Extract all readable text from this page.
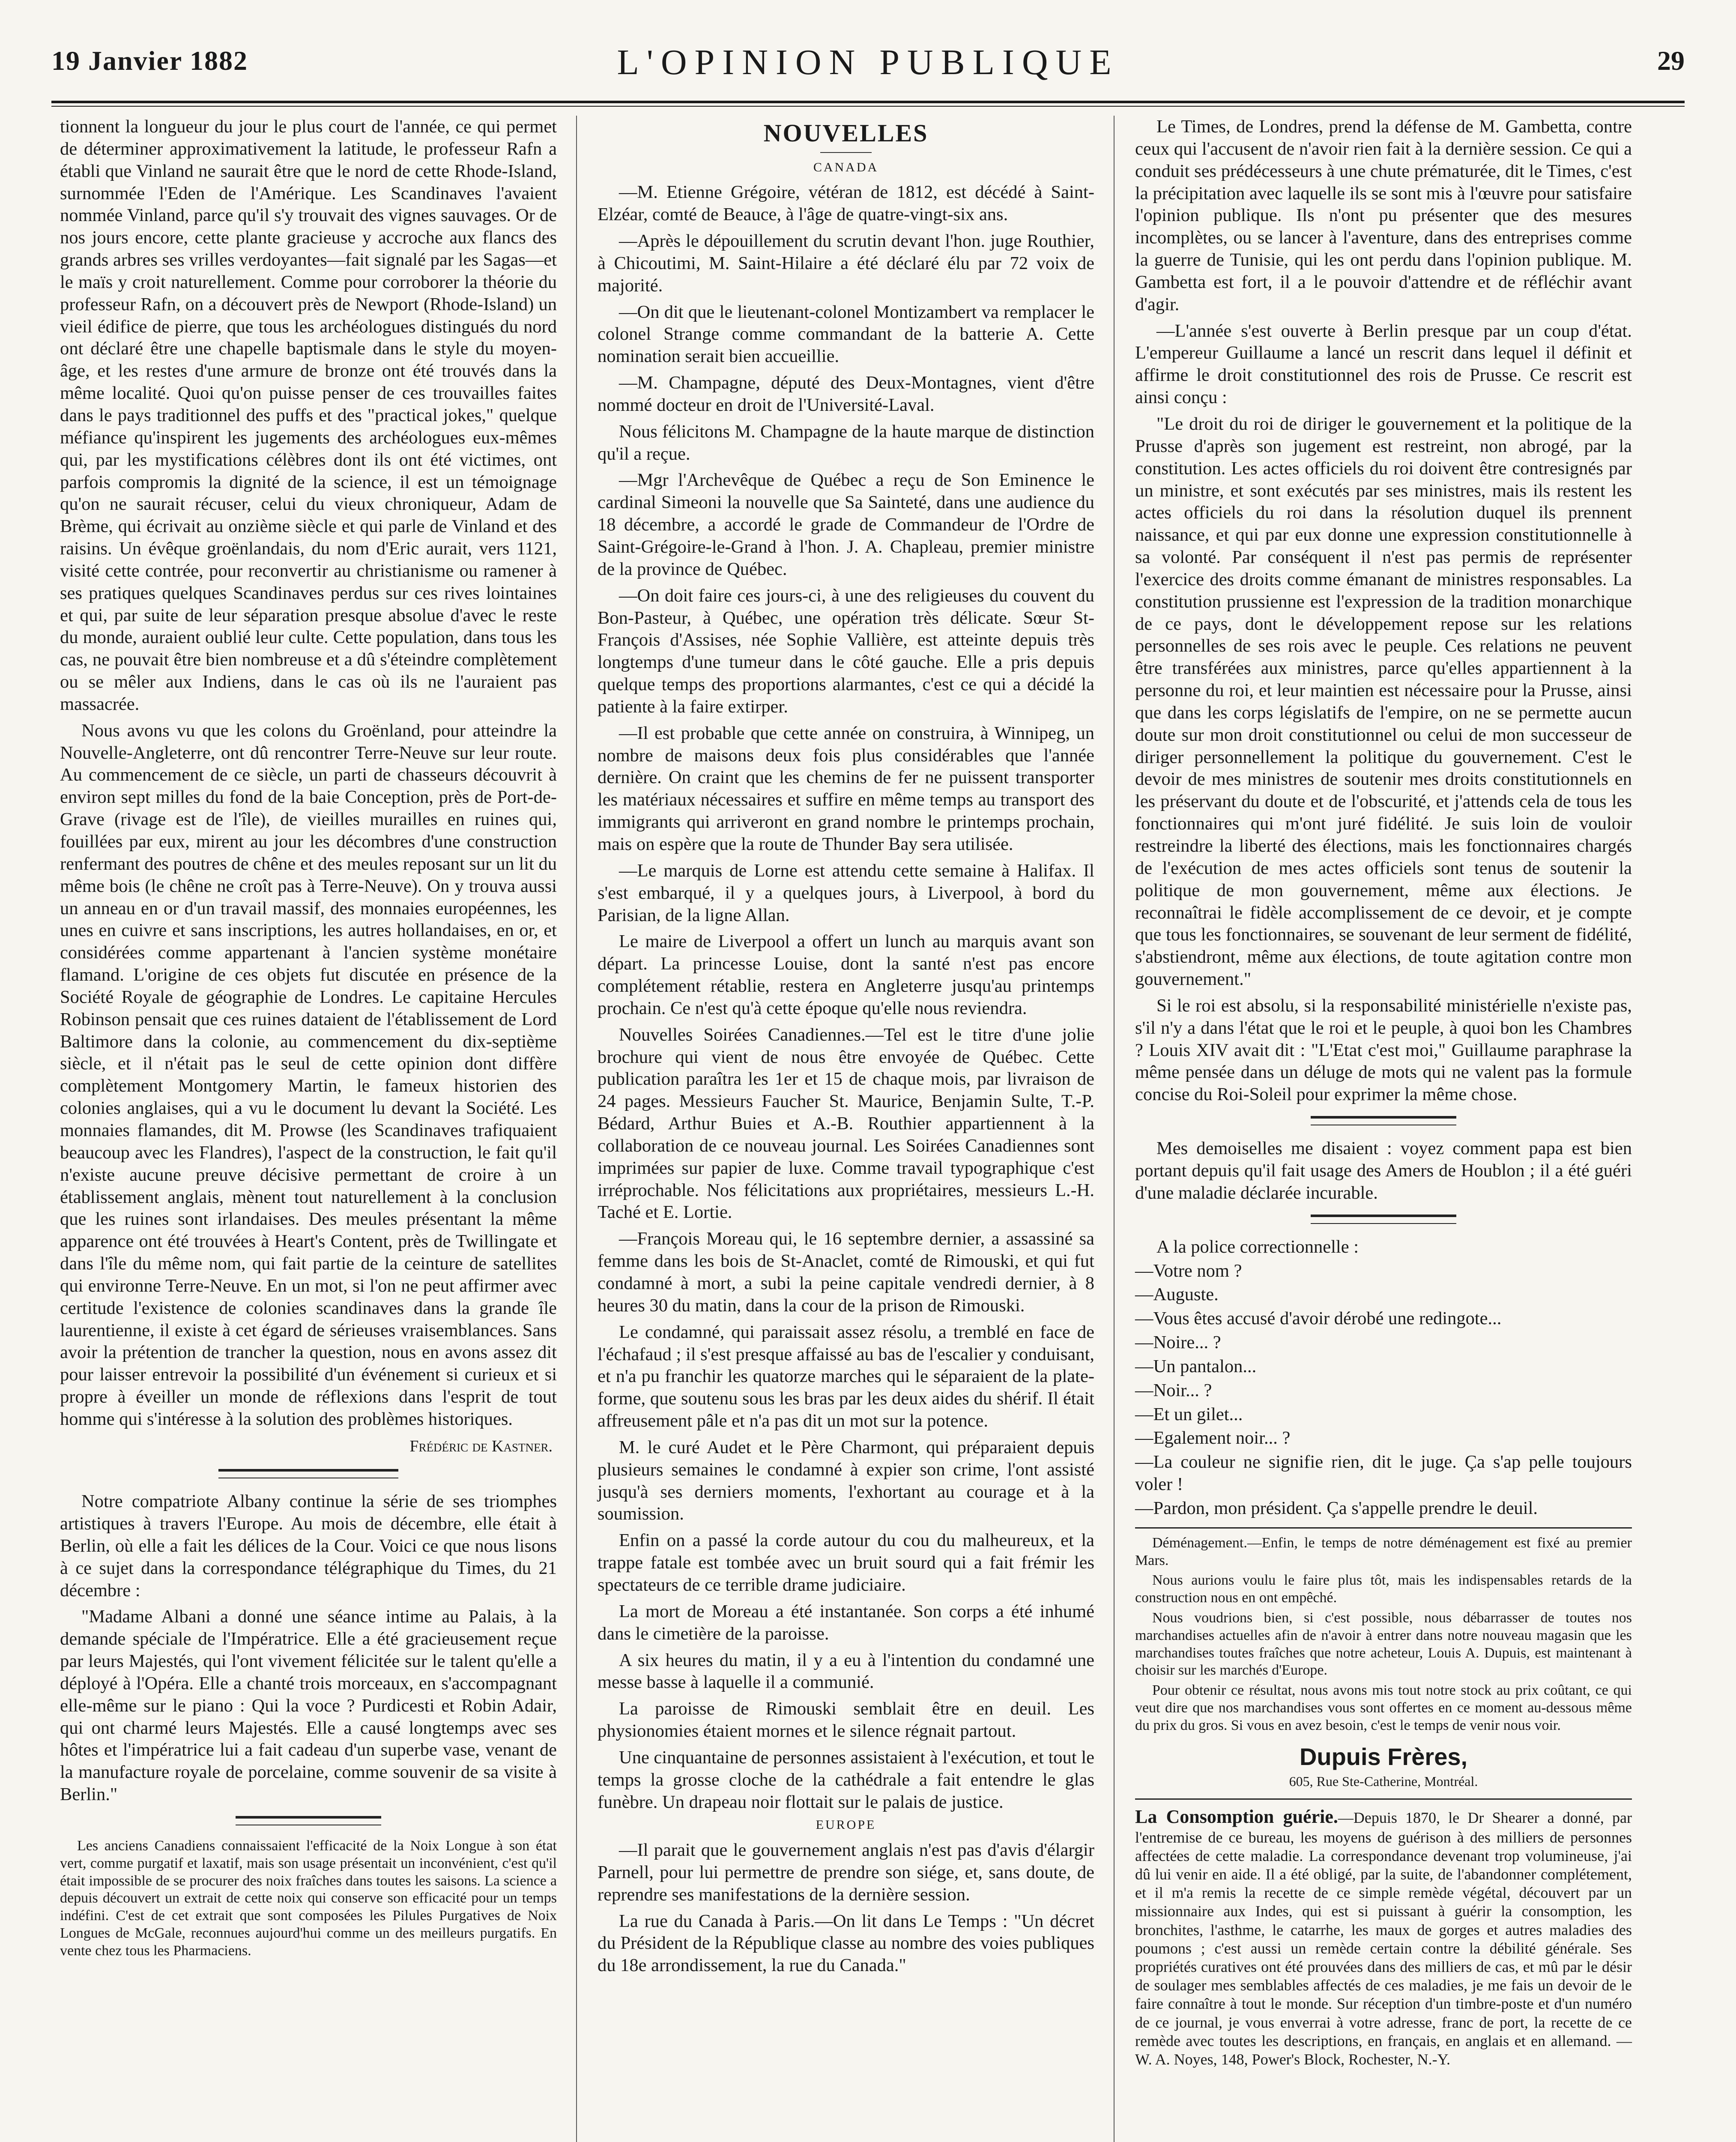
19 Janvier 1882	L'OPINION PUBLIQUE	29

tionnent la longueur du jour le plus court de l'année, ce qui permet de déterminer approximativement la latitude, le professeur Rafn a établi que Vinland ne saurait être que le nord de cette Rhode-Island, surnommée l'Eden de l'Amérique. Les Scandinaves l'avaient nommée Vinland, parce qu'il s'y trouvait des vignes sauvages. Or de nos jours encore, cette plante gracieuse y accroche aux flancs des grands arbres ses vrilles verdoyantes—fait signalé par les Sagas—et le maïs y croit naturellement. Comme pour corroborer la théorie du professeur Rafn, on a découvert près de Newport (Rhode-Island) un vieil édifice de pierre, que tous les archéologues distingués du nord ont déclaré être une chapelle baptismale dans le style du moyen-âge, et les restes d'une armure de bronze ont été trouvés dans la même localité. Quoi qu'on puisse penser de ces trouvailles faites dans le pays traditionnel des puffs et des "practical jokes," quelque méfiance qu'inspirent les jugements des archéologues eux-mêmes qui, par les mystifications célèbres dont ils ont été victimes, ont parfois compromis la dignité de la science, il est un témoignage qu'on ne saurait récuser, celui du vieux chroniqueur, Adam de Brème, qui écrivait au onzième siècle et qui parle de Vinland et des raisins. Un évêque groënlandais, du nom d'Eric aurait, vers 1121, visité cette contrée, pour reconvertir au christianisme ou ramener à ses pratiques quelques Scandinaves perdus sur ces rives lointaines et qui, par suite de leur séparation presque absolue d'avec le reste du monde, auraient oublié leur culte. Cette population, dans tous les cas, ne pouvait être bien nombreuse et a dû s'éteindre complètement ou se mêler aux Indiens, dans le cas où ils ne l'auraient pas massacrée.

Nous avons vu que les colons du Groënland, pour atteindre la Nouvelle-Angleterre, ont dû rencontrer Terre-Neuve sur leur route. Au commencement de ce siècle, un parti de chasseurs découvrit à environ sept milles du fond de la baie Conception, près de Port-de-Grave (rivage est de l'île), de vieilles murailles en ruines qui, fouillées par eux, mirent au jour les décombres d'une construction renfermant des poutres de chêne et des meules reposant sur un lit du même bois (le chêne ne croît pas à Terre-Neuve). On y trouva aussi un anneau en or d'un travail massif, des monnaies européennes, les unes en cuivre et sans inscriptions, les autres hollandaises, en or, et considérées comme appartenant à l'ancien système monétaire flamand. L'origine de ces objets fut discutée en présence de la Société Royale de géographie de Londres. Le capitaine Hercules Robinson pensait que ces ruines dataient de l'établissement de Lord Baltimore dans la colonie, au commencement du dix-septième siècle, et il n'était pas le seul de cette opinion dont diffère complètement Montgomery Martin, le fameux historien des colonies anglaises, qui a vu le document lu devant la Société. Les monnaies flamandes, dit M. Prowse (les Scandinaves trafiquaient beaucoup avec les Flandres), l'aspect de la construction, le fait qu'il n'existe aucune preuve décisive permettant de croire à un établissement anglais, mènent tout naturellement à la conclusion que les ruines sont irlandaises. Des meules présentant la même apparence ont été trouvées à Heart's Content, près de Twillingate et dans l'île du même nom, qui fait partie de la ceinture de satellites qui environne Terre-Neuve. En un mot, si l'on ne peut affirmer avec certitude l'existence de colonies scandinaves dans la grande île laurentienne, il existe à cet égard de sérieuses vraisemblances. Sans avoir la prétention de trancher la question, nous en avons assez dit pour laisser entrevoir la possibilité d'un événement si curieux et si propre à éveiller un monde de réflexions dans l'esprit de tout homme qui s'intéresse à la solution des problèmes historiques.

Frédéric de Kastner.

Notre compatriote Albany continue la série de ses triomphes artistiques à travers l'Europe. Au mois de décembre, elle était à Berlin, où elle a fait les délices de la Cour. Voici ce que nous lisons à ce sujet dans la correspondance télégraphique du Times, du 21 décembre :

"Madame Albani a donné une séance intime au Palais, à la demande spéciale de l'Impératrice. Elle a été gracieusement reçue par leurs Majestés, qui l'ont vivement félicitée sur le talent qu'elle a déployé à l'Opéra. Elle a chanté trois morceaux, en s'accompagnant elle-même sur le piano : Qui la voce ? Purdicesti et Robin Adair, qui ont charmé leurs Majestés. Elle a causé longtemps avec ses hôtes et l'impératrice lui a fait cadeau d'un superbe vase, venant de la manufacture royale de porcelaine, comme souvenir de sa visite à Berlin."

Les anciens Canadiens connaissaient l'efficacité de la Noix Longue à son état vert, comme purgatif et laxatif, mais son usage présentait un inconvénient, c'est qu'il était impossible de se procurer des noix fraîches dans toutes les saisons. La science a depuis découvert un extrait de cette noix qui conserve son efficacité pour un temps indéfini. C'est de cet extrait que sont composées les Pilules Purgatives de Noix Longues de McGale, reconnues aujourd'hui comme un des meilleurs purgatifs. En vente chez tous les Pharmaciens.

NOUVELLES
CANADA

—M. Etienne Grégoire, vétéran de 1812, est décédé à Saint-Elzéar, comté de Beauce, à l'âge de quatre-vingt-six ans.

—Après le dépouillement du scrutin devant l'hon. juge Routhier, à Chicoutimi, M. Saint-Hilaire a été déclaré élu par 72 voix de majorité.

—On dit que le lieutenant-colonel Montizambert va remplacer le colonel Strange comme commandant de la batterie A. Cette nomination serait bien accueillie.

—M. Champagne, député des Deux-Montagnes, vient d'être nommé docteur en droit de l'Université-Laval.

Nous félicitons M. Champagne de la haute marque de distinction qu'il a reçue.

—Mgr l'Archevêque de Québec a reçu de Son Eminence le cardinal Simeoni la nouvelle que Sa Sainteté, dans une audience du 18 décembre, a accordé le grade de Commandeur de l'Ordre de Saint-Grégoire-le-Grand à l'hon. J. A. Chapleau, premier ministre de la province de Québec.

—On doit faire ces jours-ci, à une des religieuses du couvent du Bon-Pasteur, à Québec, une opération très délicate. Sœur St-François d'Assises, née Sophie Vallière, est atteinte depuis très longtemps d'une tumeur dans le côté gauche. Elle a pris depuis quelque temps des proportions alarmantes, c'est ce qui a décidé la patiente à la faire extirper.

—Il est probable que cette année on construira, à Winnipeg, un nombre de maisons deux fois plus considérables que l'année dernière. On craint que les chemins de fer ne puissent transporter les matériaux nécessaires et suffire en même temps au transport des immigrants qui arriveront en grand nombre le printemps prochain, mais on espère que la route de Thunder Bay sera utilisée.

—Le marquis de Lorne est attendu cette semaine à Halifax. Il s'est embarqué, il y a quelques jours, à Liverpool, à bord du Parisian, de la ligne Allan.

Le maire de Liverpool a offert un lunch au marquis avant son départ. La princesse Louise, dont la santé n'est pas encore complétement rétablie, restera en Angleterre jusqu'au printemps prochain. Ce n'est qu'à cette époque qu'elle nous reviendra.

Nouvelles Soirées Canadiennes.—Tel est le titre d'une jolie brochure qui vient de nous être envoyée de Québec. Cette publication paraîtra les 1er et 15 de chaque mois, par livraison de 24 pages. Messieurs Faucher St. Maurice, Benjamin Sulte, T.-P. Bédard, Arthur Buies et A.-B. Routhier appartiennent à la collaboration de ce nouveau journal. Les Soirées Canadiennes sont imprimées sur papier de luxe. Comme travail typographique c'est irréprochable. Nos félicitations aux propriétaires, messieurs L.-H. Taché et E. Lortie.

—François Moreau qui, le 16 septembre dernier, a assassiné sa femme dans les bois de St-Anaclet, comté de Rimouski, et qui fut condamné à mort, a subi la peine capitale vendredi dernier, à 8 heures 30 du matin, dans la cour de la prison de Rimouski.

Le condamné, qui paraissait assez résolu, a tremblé en face de l'échafaud ; il s'est presque affaissé au bas de l'escalier y conduisant, et n'a pu franchir les quatorze marches qui le séparaient de la plate-forme, que soutenu sous les bras par les deux aides du shérif. Il était affreusement pâle et n'a pas dit un mot sur la potence.

M. le curé Audet et le Père Charmont, qui préparaient depuis plusieurs semaines le condamné à expier son crime, l'ont assisté jusqu'à ses derniers moments, l'exhortant au courage et à la soumission.

Enfin on a passé la corde autour du cou du malheureux, et la trappe fatale est tombée avec un bruit sourd qui a fait frémir les spectateurs de ce terrible drame judiciaire.

La mort de Moreau a été instantanée. Son corps a été inhumé dans le cimetière de la paroisse.

A six heures du matin, il y a eu à l'intention du condamné une messe basse à laquelle il a communié.

La paroisse de Rimouski semblait être en deuil. Les physionomies étaient mornes et le silence régnait partout.

Une cinquantaine de personnes assistaient à l'exécution, et tout le temps la grosse cloche de la cathédrale a fait entendre le glas funèbre. Un drapeau noir flottait sur le palais de justice.

EUROPE

—Il parait que le gouvernement anglais n'est pas d'avis d'élargir Parnell, pour lui permettre de prendre son siége, et, sans doute, de reprendre ses manifestations de la dernière session.

La rue du Canada à Paris.—On lit dans Le Temps : "Un décret du Président de la République classe au nombre des voies publiques du 18e arrondissement, la rue du Canada."

Le Times, de Londres, prend la défense de M. Gambetta, contre ceux qui l'accusent de n'avoir rien fait à la dernière session. Ce qui a conduit ses prédécesseurs à une chute prématurée, dit le Times, c'est la précipitation avec laquelle ils se sont mis à l'œuvre pour satisfaire l'opinion publique. Ils n'ont pu présenter que des mesures incomplètes, ou se lancer à l'aventure, dans des entreprises comme la guerre de Tunisie, qui les ont perdu dans l'opinion publique. M. Gambetta est fort, il a le pouvoir d'attendre et de réfléchir avant d'agir.

—L'année s'est ouverte à Berlin presque par un coup d'état. L'empereur Guillaume a lancé un rescrit dans lequel il définit et affirme le droit constitutionnel des rois de Prusse. Ce rescrit est ainsi conçu :

"Le droit du roi de diriger le gouvernement et la politique de la Prusse d'après son jugement est restreint, non abrogé, par la constitution. Les actes officiels du roi doivent être contresignés par un ministre, et sont exécutés par ses ministres, mais ils restent les actes officiels du roi dans la résolution duquel ils prennent naissance, et qui par eux donne une expression constitutionnelle à sa volonté. Par conséquent il n'est pas permis de représenter l'exercice des droits comme émanant de ministres responsables. La constitution prussienne est l'expression de la tradition monarchique de ce pays, dont le développement repose sur les relations personnelles de ses rois avec le peuple. Ces relations ne peuvent être transférées aux ministres, parce qu'elles appartiennent à la personne du roi, et leur maintien est nécessaire pour la Prusse, ainsi que dans les corps législatifs de l'empire, on ne se permette aucun doute sur mon droit constitutionnel ou celui de mon successeur de diriger personnellement la politique du gouvernement. C'est le devoir de mes ministres de soutenir mes droits constitutionnels en les préservant du doute et de l'obscurité, et j'attends cela de tous les fonctionnaires qui m'ont juré fidélité. Je suis loin de vouloir restreindre la liberté des élections, mais les fonctionnaires chargés de l'exécution de mes actes officiels sont tenus de soutenir la politique de mon gouvernement, même aux élections. Je reconnaîtrai le fidèle accomplissement de ce devoir, et je compte que tous les fonctionnaires, se souvenant de leur serment de fidélité, s'abstiendront, même aux élections, de toute agitation contre mon gouvernement."

Si le roi est absolu, si la responsabilité ministérielle n'existe pas, s'il n'y a dans l'état que le roi et le peuple, à quoi bon les Chambres ? Louis XIV avait dit : "L'Etat c'est moi," Guillaume paraphrase la même pensée dans un déluge de mots qui ne valent pas la formule concise du Roi-Soleil pour exprimer la même chose.

Mes demoiselles me disaient : voyez comment papa est bien portant depuis qu'il fait usage des Amers de Houblon ; il a été guéri d'une maladie déclarée incurable.

A la police correctionnelle :

—Votre nom ?

—Auguste.

—Vous êtes accusé d'avoir dérobé une redingote...

—Noire... ?

—Un pantalon...

—Noir... ?

—Et un gilet...

—Egalement noir... ?

—La couleur ne signifie rien, dit le juge. Ça s'ap pelle toujours voler !

—Pardon, mon président. Ça s'appelle prendre le deuil.

Déménagement.—Enfin, le temps de notre déménagement est fixé au premier Mars.

Nous aurions voulu le faire plus tôt, mais les indispensables retards de la construction nous en ont empêché.

Nous voudrions bien, si c'est possible, nous débarrasser de toutes nos marchandises actuelles afin de n'avoir à entrer dans notre nouveau magasin que les marchandises toutes fraîches que notre acheteur, Louis A. Dupuis, est maintenant à choisir sur les marchés d'Europe.

Pour obtenir ce résultat, nous avons mis tout notre stock au prix coûtant, ce qui veut dire que nos marchandises vous sont offertes en ce moment au-dessous même du prix du gros. Si vous en avez besoin, c'est le temps de venir nous voir.

Dupuis Frères,
605, Rue Ste-Catherine, Montréal.
La Consomption guérie.—Depuis 1870, le Dr Shearer a donné, par l'entremise de ce bureau, les moyens de guérison à des milliers de personnes affectées de cette maladie. La correspondance devenant trop volumineuse, j'ai dû lui venir en aide. Il a été obligé, par la suite, de l'abandonner complétement, et il m'a remis la recette de ce simple remède végétal, découvert par un missionnaire aux Indes, qui est si puissant à guérir la consomption, les bronchites, l'asthme, le catarrhe, les maux de gorges et autres maladies des poumons ; c'est aussi un remède certain contre la débilité générale. Ses propriétés curatives ont été prouvées dans des milliers de cas, et mû par le désir de soulager mes semblables affectés de ces maladies, je me fais un devoir de le faire connaître à tout le monde. Sur réception d'un timbre-poste et d'un numéro de ce journal, je vous enverrai à votre adresse, franc de port, la recette de ce remède avec toutes les descriptions, en français, en anglais et en allemand. — W. A. Noyes, 148, Power's Block, Rochester, N.-Y.
